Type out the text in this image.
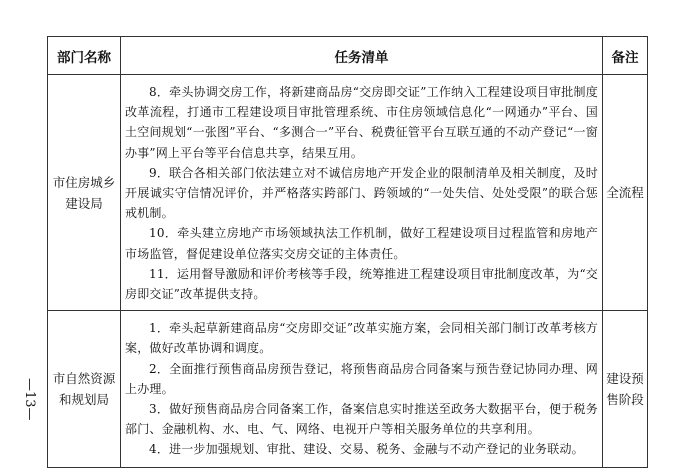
—13—
部门名称	任务清单	备注
市住房城乡建设局	8．牵头协调交房工作，将新建商品房“交房即交证”工作纳入工程建设项目审批制度改革流程，打通市工程建设项目审批管理系统、市住房领域信息化“一网通办”平台、国土空间规划“一张图”平台、“多测合一”平台、税费征管平台互联互通的不动产登记“一窗办事”网上平台等平台信息共享，结果互用。

9．联合各相关部门依法建立对不诚信房地产开发企业的限制清单及相关制度，及时开展诚实守信情况评价，并严格落实跨部门、跨领域的“一处失信、处处受限”的联合惩戒机制。

10．牵头建立房地产市场领域执法工作机制，做好工程建设项目过程监管和房地产市场监管，督促建设单位落实交房交证的主体责任。

11．运用督导激励和评价考核等手段，统筹推进工程建设项目审批制度改革，为“交房即交证”改革提供支持。	全流程
市自然资源和规划局	1．牵头起草新建商品房“交房即交证”改革实施方案，会同相关部门制订改革考核方案，做好改革协调和调度。

2．全面推行预售商品房预告登记，将预售商品房合同备案与预告登记协同办理、网上办理。

3．做好预售商品房合同备案工作，备案信息实时推送至政务大数据平台，便于税务部门、金融机构、水、电、气、网络、电视开户等相关服务单位的共享利用。

4．进一步加强规划、审批、建设、交易、税务、金融与不动产登记的业务联动。	建设预售阶段
